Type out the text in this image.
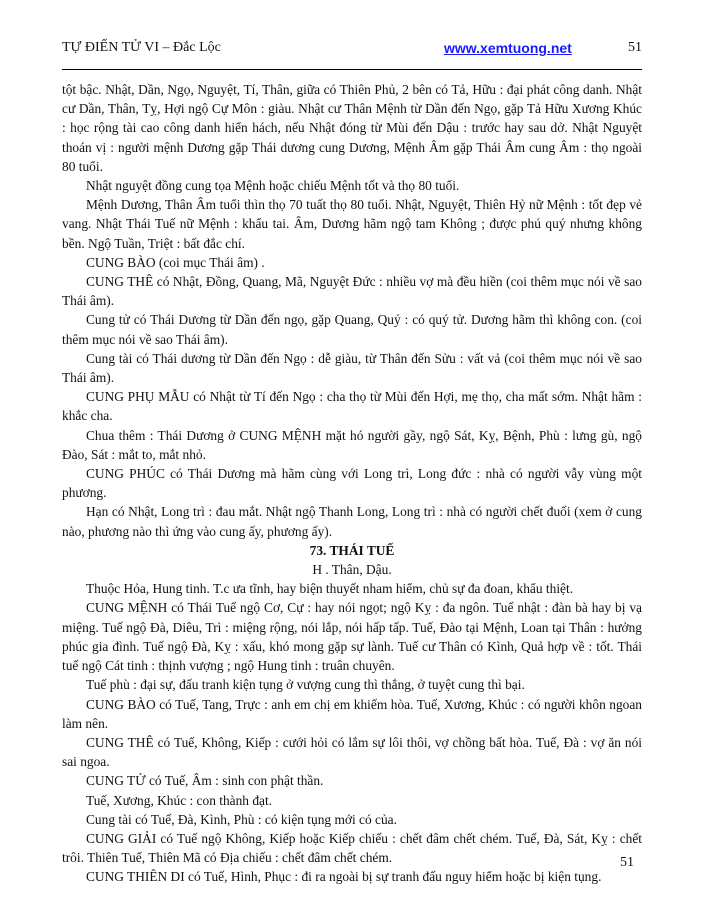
TỰ ĐIỂN TỬ VI – Đắc Lộc	www.xemtuong.net	51

tột bậc. Nhật, Dần, Ngọ, Nguyệt, Tí, Thân, giữa có Thiên Phủ, 2 bên có Tả, Hữu : đại phát công danh. Nhật cư Dần, Thân, Tỵ, Hợi ngộ Cự Môn : giàu. Nhật cư Thân Mệnh từ Dần đến Ngọ, gặp Tả Hữu Xương Khúc : học rộng tài cao công danh hiển hách, nếu Nhật đóng từ Mùi đến Dậu : trước hay sau dở. Nhật Nguyệt thoán vị : người mệnh Dương gặp Thái dương cung Dương, Mệnh Âm gặp Thái Âm cung Âm : thọ ngoài 80 tuổi.

Nhật nguyệt đồng cung tọa Mệnh hoặc chiếu Mệnh tốt và thọ 80 tuổi.

Mệnh Dương, Thân Âm tuổi thìn thọ 70 tuất thọ 80 tuổi. Nhật, Nguyệt, Thiên Hỷ nữ Mệnh : tốt đẹp vẻ vang. Nhật Thái Tuế nữ Mệnh : khẩu tai. Âm, Dương hãm ngộ tam Không ; được phú quý nhưng không bền. Ngộ Tuần, Triệt : bất đắc chí.

CUNG BÀO (coi mục Thái âm) .

CUNG THÊ có Nhật, Đồng, Quang, Mã, Nguyệt Đức : nhiều vợ mà đều hiền (coi thêm mục nói về sao Thái âm).

Cung tử có Thái Dương từ Dần đến ngọ, gặp Quang, Quý : có quý tử. Dương hãm thì không con. (coi thêm mục nói về sao Thái âm).

Cung tài có Thái dương từ Dần đến Ngọ : dễ giàu, từ Thân đến Sửu : vất vả (coi thêm mục nói về sao Thái âm).

CUNG PHỤ MẪU có Nhật từ Tí đến Ngọ : cha thọ từ Mùi đến Hợi, mẹ thọ, cha mất sớm. Nhật hãm : khắc cha.

Chua thêm : Thái Dương ở CUNG MỆNH mặt hó người gầy, ngộ Sát, Kỵ, Bệnh, Phù : lưng gù, ngộ Đào, Sát : mắt to, mắt nhỏ.

CUNG PHÚC có Thái Dương mà hãm cùng với Long trì, Long đức : nhà có người vẫy vùng một phương.

Hạn có Nhật, Long trì : đau mắt. Nhật ngộ Thanh Long, Long trì : nhà có người chết đuối (xem ở cung nào, phương nào thì ứng vào cung ấy, phương ấy).

73. THÁI TUẾ

H . Thân, Dậu.

Thuộc Hỏa, Hung tinh. T.c ưa tĩnh, hay biện thuyết nham hiểm, chủ sự đa đoan, khẩu thiệt.

CUNG MỆNH có Thái Tuế ngộ Cơ, Cự : hay nói ngọt; ngộ Kỵ : đa ngôn. Tuế nhật : đàn bà hay bị vạ miệng. Tuế ngộ Đà, Diêu, Trì : miệng rộng, nói lắp, nói hấp tấp. Tuế, Đào tại Mệnh, Loan tại Thân : hưởng phúc gia đình. Tuế ngộ Đà, Kỵ : xấu, khó mong gặp sự lành. Tuế cư Thân có Kình, Quả hợp về : tốt. Thái tuế ngộ Cát tinh : thịnh vượng ; ngộ Hung tinh : truân chuyên.

Tuế phù : đại sự, đấu tranh kiện tụng ở vượng cung thì thắng, ở tuyệt cung thì bại.

CUNG BÀO có Tuế, Tang, Trực : anh em chị em khiếm hòa. Tuế, Xương, Khúc : có người khôn ngoan làm nên.

CUNG THÊ có Tuế, Không, Kiếp : cưới hỏi có lắm sự lôi thôi, vợ chồng bất hòa. Tuế, Đà : vợ ăn nói sai ngoa.

CUNG TỬ có Tuế, Âm : sinh con phật thần.

Tuế, Xương, Khúc : con thành đạt.

Cung tài có Tuế, Đà, Kình, Phù : có kiện tụng mới có của.

CUNG GIẢI có Tuế ngộ Không, Kiếp hoặc Kiếp chiếu : chết đâm chết chém. Tuế, Đà, Sát, Kỵ : chết trôi. Thiên Tuế, Thiên Mã có Địa chiếu : chết đâm chết chém.

CUNG THIÊN DI có Tuế, Hình, Phục : đi ra ngoài bị sự tranh đấu nguy hiểm hoặc bị kiện tụng.

51
